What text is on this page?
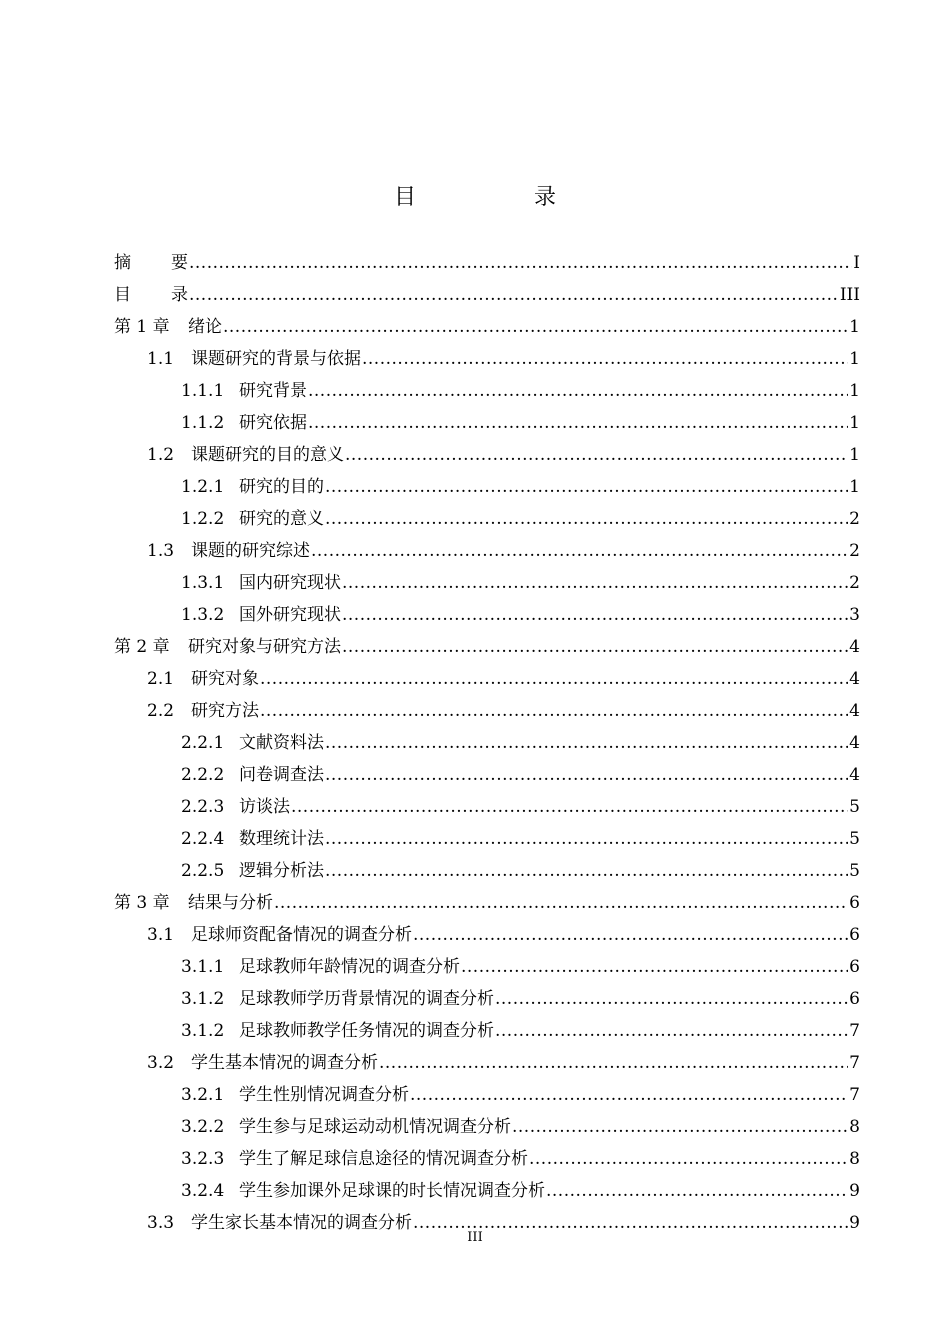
目　录
摘	要 .....	I
目	录 .....	III
第 1 章	绪论 .....	1
1.1 课题研究的背景与依据 .....	1
1.1.1 研究背景 .....	1
1.1.2 研究依据 .....	1
1.2 课题研究的目的意义 .....	1
1.2.1 研究的目的 .....	1
1.2.2 研究的意义 .....	2
1.3 课题的研究综述 .....	2
1.3.1 国内研究现状 .....	2
1.3.2 国外研究现状 .....	3
第 2 章	研究对象与研究方法 .....	4
2.1 研究对象 .....	4
2.2 研究方法 .....	4
2.2.1 文献资料法 .....	4
2.2.2 问卷调查法 .....	4
2.2.3 访谈法 .....	5
2.2.4 数理统计法 .....	5
2.2.5 逻辑分析法 .....	5
第 3 章	结果与分析 .....	6
3.1 足球师资配备情况的调查分析 .....	6
3.1.1 足球教师年龄情况的调查分析 .....	6
3.1.2 足球教师学历背景情况的调查分析 .....	6
3.1.2 足球教师教学任务情况的调查分析 .....	7
3.2 学生基本情况的调查分析 .....	7
3.2.1 学生性别情况调查分析 .....	7
3.2.2 学生参与足球运动动机情况调查分析 .....	8
3.2.3 学生了解足球信息途径的情况调查分析 .....	8
3.2.4 学生参加课外足球课的时长情况调查分析 .....	9
3.3 学生家长基本情况的调查分析 .....	9
III
